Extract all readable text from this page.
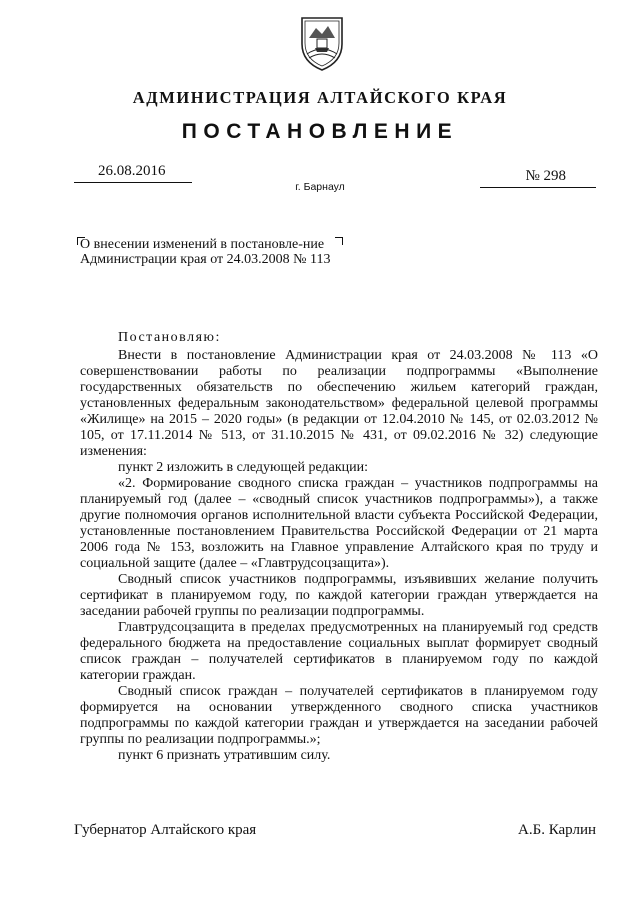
АДМИНИСТРАЦИЯ АЛТАЙСКОГО КРАЯ
ПОСТАНОВЛЕНИЕ
26.08.2016	№ 298
г. Барнаул
О внесении изменений в постановле-ние Администрации края от 24.03.2008 № 113

Постановляю:

Внести в постановление Администрации края от 24.03.2008 № 113 «О совершенствовании работы по реализации подпрограммы «Выполнение государственных обязательств по обеспечению жильем категорий граждан, установленных федеральным законодательством» федеральной целевой программы «Жилище» на 2015 – 2020 годы» (в редакции от 12.04.2010 № 145, от 02.03.2012 № 105, от 17.11.2014 № 513, от 31.10.2015 № 431, от 09.02.2016 № 32) следующие изменения:

пункт 2 изложить в следующей редакции:

«2. Формирование сводного списка граждан – участников подпрограммы на планируемый год (далее – «сводный список участников подпрограммы»), а также другие полномочия органов исполнительной власти субъекта Российской Федерации, установленные постановлением Правительства Российской Федерации от 21 марта 2006 года № 153, возложить на Главное управление Алтайского края по труду и социальной защите (далее – «Главтрудсоцзащита»).

Сводный список участников подпрограммы, изъявивших желание получить сертификат в планируемом году, по каждой категории граждан утверждается на заседании рабочей группы по реализации подпрограммы.

Главтрудсоцзащита в пределах предусмотренных на планируемый год средств федерального бюджета на предоставление социальных выплат формирует сводный список граждан – получателей сертификатов в планируемом году по каждой категории граждан.

Сводный список граждан – получателей сертификатов в планируемом году формируется на основании утвержденного сводного списка участников подпрограммы по каждой категории граждан и утверждается на заседании рабочей группы по реализации подпрограммы.»;

пункт 6 признать утратившим силу.

Губернатор Алтайского края	А.Б. Карлин
